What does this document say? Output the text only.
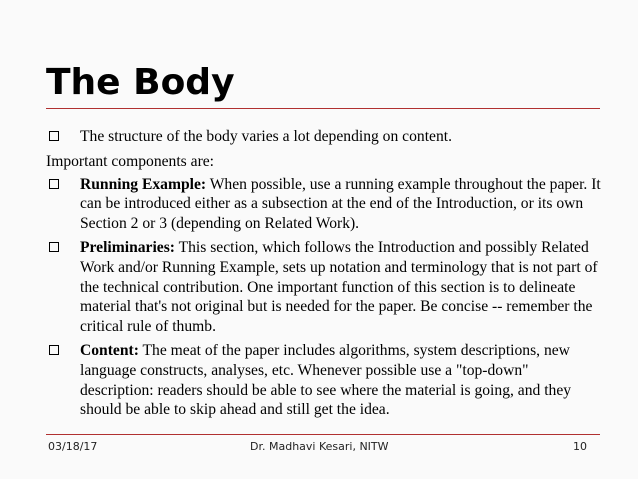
The Body
The structure of the body varies a lot depending on content.
Important components are:
Running Example: When possible, use a running example throughout the paper. It can be introduced either as a subsection at the end of the Introduction, or its own Section 2 or 3 (depending on Related Work).
Preliminaries: This section, which follows the Introduction and possibly Related Work and/or Running Example, sets up notation and terminology that is not part of the technical contribution. One important function of this section is to delineate material that's not original but is needed for the paper. Be concise -- remember the critical rule of thumb.
Content: The meat of the paper includes algorithms, system descriptions, new language constructs, analyses, etc. Whenever possible use a "top-down" description: readers should be able to see where the material is going, and they should be able to skip ahead and still get the idea.
03/18/17	Dr. Madhavi Kesari, NITW	10
